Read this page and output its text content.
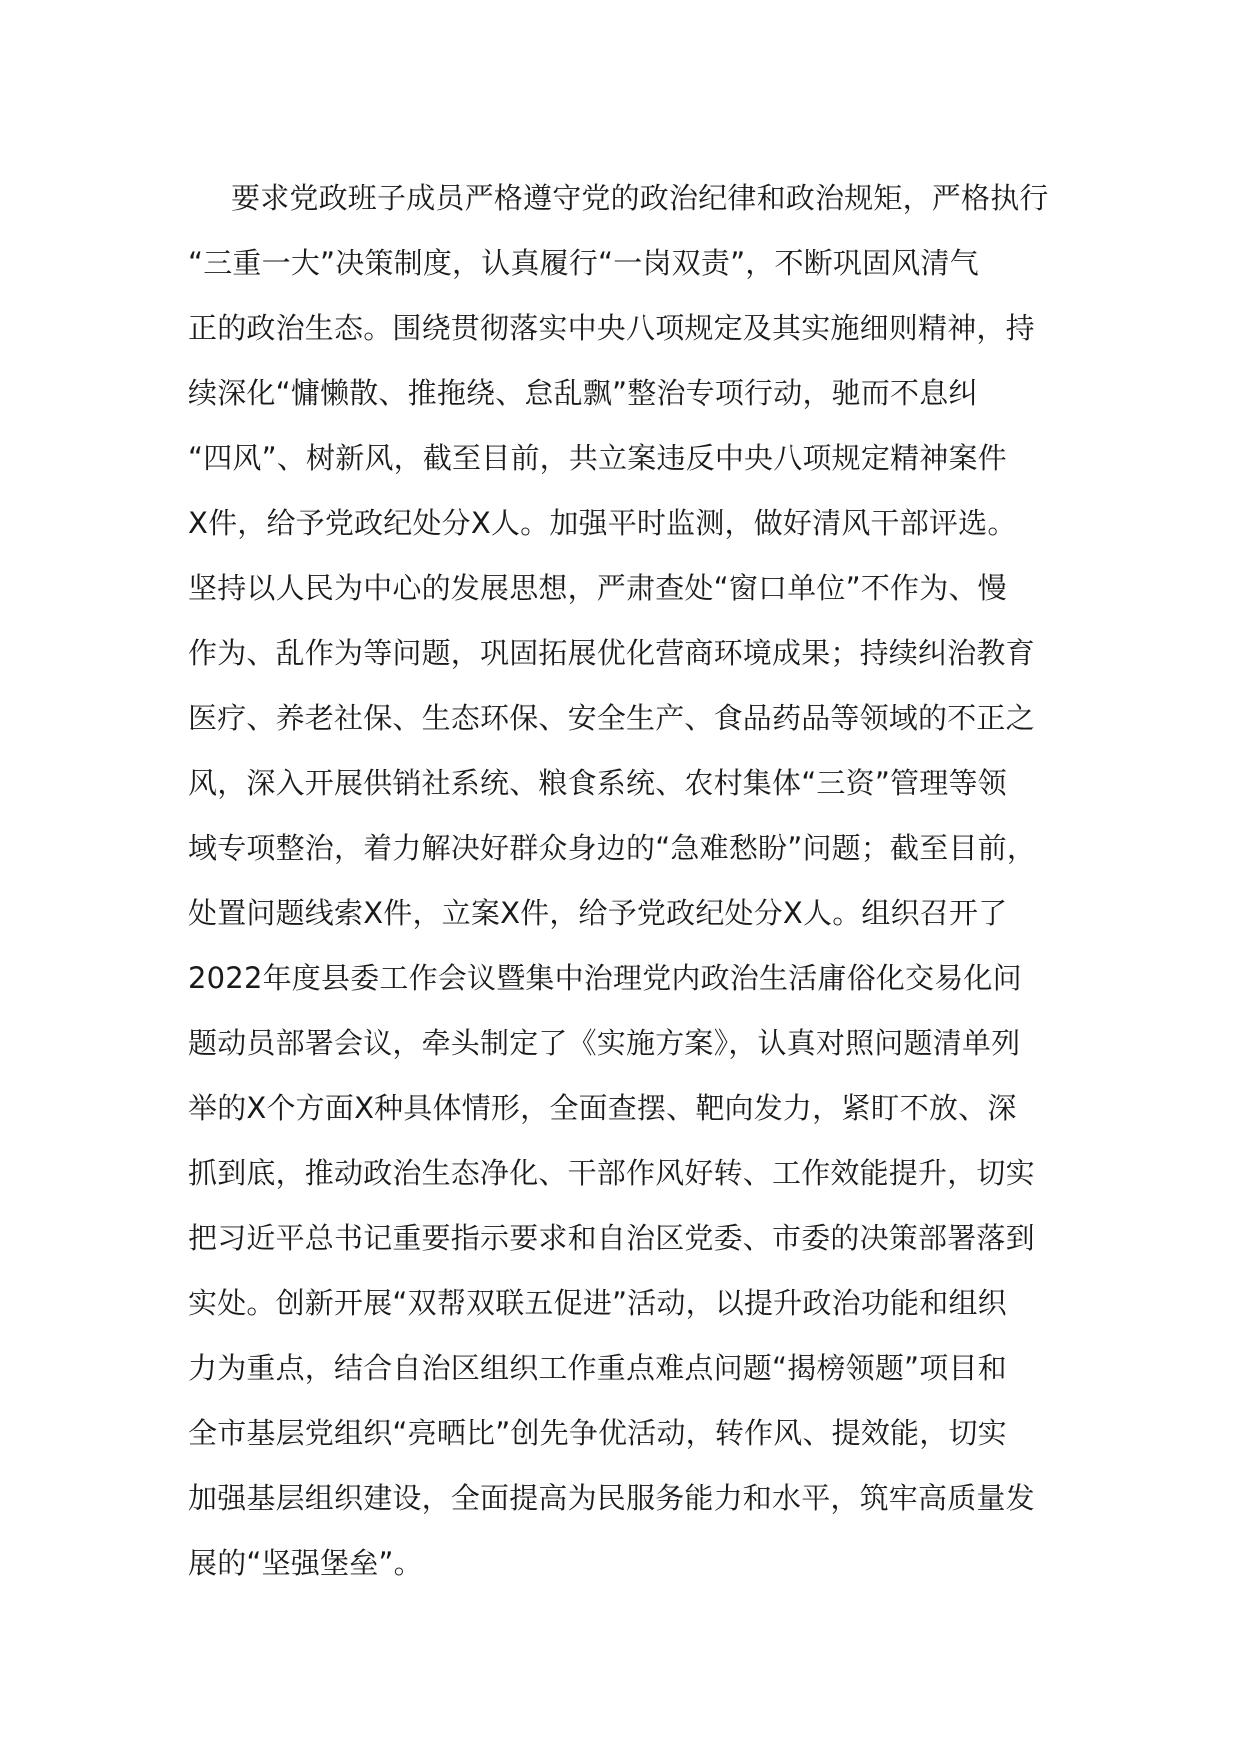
要求党政班子成员严格遵守党的政治纪律和政治规矩，严格执行
“三重一大”决策制度，认真履行“一岗双责”，不断巩固风清气
正的政治生态。围绕贯彻落实中央八项规定及其实施细则精神，持
续深化“慵懒散、推拖绕、怠乱飘”整治专项行动，驰而不息纠
“四风”、树新风，截至目前，共立案违反中央八项规定精神案件
X件，给予党政纪处分X人。加强平时监测，做好清风干部评选。
坚持以人民为中心的发展思想，严肃查处“窗口单位”不作为、慢
作为、乱作为等问题，巩固拓展优化营商环境成果；持续纠治教育
医疗、养老社保、生态环保、安全生产、食品药品等领域的不正之
风，深入开展供销社系统、粮食系统、农村集体“三资”管理等领
域专项整治，着力解决好群众身边的“急难愁盼”问题；截至目前，
处置问题线索X件，立案X件，给予党政纪处分X人。组织召开了
2022年度县委工作会议暨集中治理党内政治生活庸俗化交易化问
题动员部署会议，牵头制定了《实施方案》，认真对照问题清单列
举的X个方面X种具体情形，全面查摆、靶向发力，紧盯不放、深
抓到底，推动政治生态净化、干部作风好转、工作效能提升，切实
把习近平总书记重要指示要求和自治区党委、市委的决策部署落到
实处。创新开展“双帮双联五促进”活动，以提升政治功能和组织
力为重点，结合自治区组织工作重点难点问题“揭榜领题”项目和
全市基层党组织“亮晒比”创先争优活动，转作风、提效能，切实
加强基层组织建设，全面提高为民服务能力和水平，筑牢高质量发
展的“坚强堡垒”。
